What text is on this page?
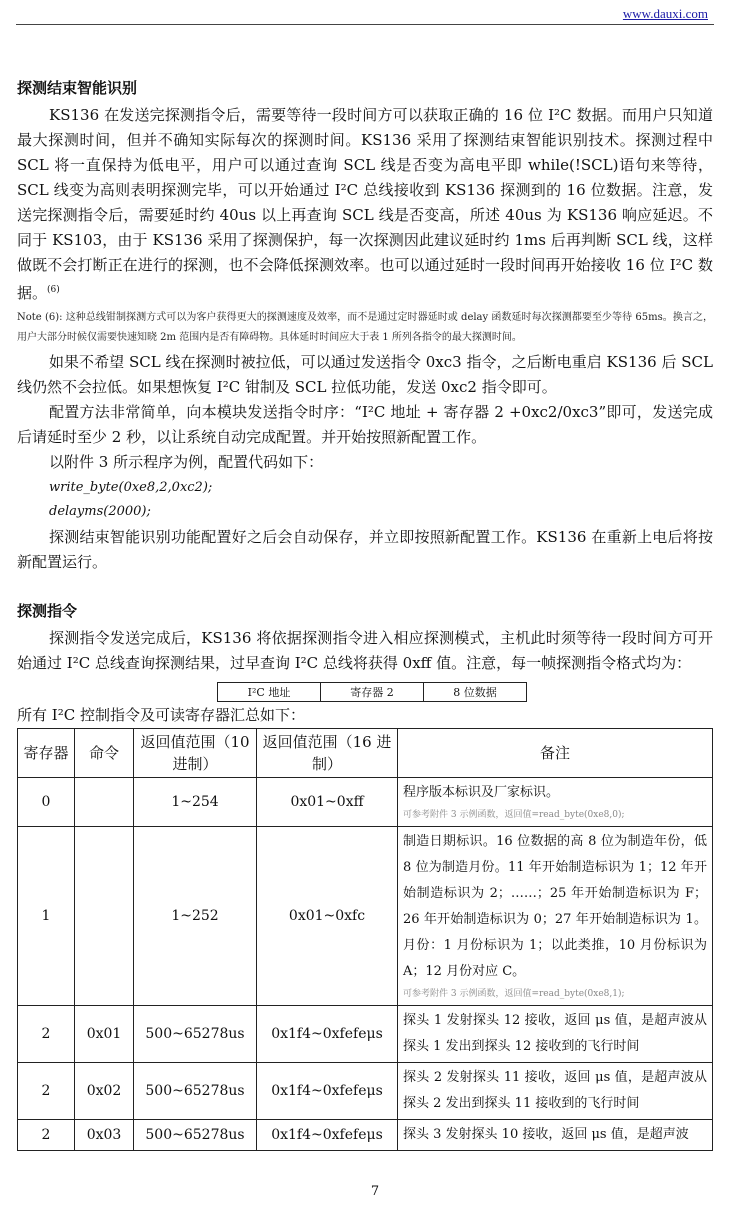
www.dauxi.com
探测结束智能识别

KS136 在发送完探测指令后，需要等待一段时间方可以获取正确的 16 位 I²C 数据。而用户只知道最大探测时间，但并不确知实际每次的探测时间。KS136 采用了探测结束智能识别技术。探测过程中 SCL 将一直保持为低电平，用户可以通过查询 SCL 线是否变为高电平即 while(!SCL)语句来等待，SCL 线变为高则表明探测完毕，可以开始通过 I²C 总线接收到 KS136 探测到的 16 位数据。注意，发送完探测指令后，需要延时约 40us 以上再查询 SCL 线是否变高，所述 40us 为 KS136 响应延迟。不同于 KS103，由于 KS136 采用了探测保护，每一次探测因此建议延时约 1ms 后再判断 SCL 线，这样做既不会打断正在进行的探测，也不会降低探测效率。也可以通过延时一段时间再开始接收 16 位 I²C 数据。$^{(6)}$

Note (6): 这种总线钳制探测方式可以为客户获得更大的探测速度及效率，而不是通过定时器延时或 delay 函数延时每次探测都要至少等待 65ms。换言之，用户大部分时候仅需要快速知晓 2m 范围内是否有障碍物。具体延时时间应大于表 1 所列各指令的最大探测时间。

如果不希望 SCL 线在探测时被拉低，可以通过发送指令 0xc3 指令，之后断电重启 KS136 后 SCL 线仍然不会拉低。如果想恢复 I²C 钳制及 SCL 拉低功能，发送 0xc2 指令即可。

配置方法非常简单，向本模块发送指令时序：“I²C 地址 + 寄存器 2 +0xc2/0xc3”即可，发送完成后请延时至少 2 秒，以让系统自动完成配置。并开始按照新配置工作。

以附件 3 所示程序为例，配置代码如下：

write_byte(0xe8,2,0xc2);
delayms(2000);

探测结束智能识别功能配置好之后会自动保存，并立即按照新配置工作。KS136 在重新上电后将按新配置运行。

探测指令

探测指令发送完成后，KS136 将依据探测指令进入相应探测模式，主机此时须等待一段时间方可开始通过 I²C 总线查询探测结果，过早查询 I²C 总线将获得 0xff 值。注意，每一帧探测指令格式均为：

I²C 地址	寄存器 2	8 位数据
所有 I²C 控制指令及可读寄存器汇总如下：
寄存器	命令	返回值范围（10 进制）	返回值范围（16 进制）	备注
0		1~254	0x01~0xff	程序版本标识及厂家标识。
可参考附件 3 示例函数，返回值=read_byte(0xe8,0);

1		1~252	0x01~0xfc	制造日期标识。16 位数据的高 8 位为制造年份，低 8 位为制造月份。11 年开始制造标识为 1；12 年开始制造标识为 2；……；25 年开始制造标识为 F；26 年开始制造标识为 0；27 年开始制造标识为 1。月份：1 月份标识为 1；以此类推，10 月份标识为 A；12 月份对应 C。
可参考附件 3 示例函数，返回值=read_byte(0xe8,1);

2	0x01	500~65278us	0x1f4~0xfefeμs	探头 1 发射探头 12 接收，返回 μs 值，是超声波从探头 1 发出到探头 12 接收到的飞行时间
2	0x02	500~65278us	0x1f4~0xfefeμs	探头 2 发射探头 11 接收，返回 μs 值，是超声波从探头 2 发出到探头 11 接收到的飞行时间
2	0x03	500~65278us	0x1f4~0xfefeμs	探头 3 发射探头 10 接收，返回 μs 值，是超声波
7
